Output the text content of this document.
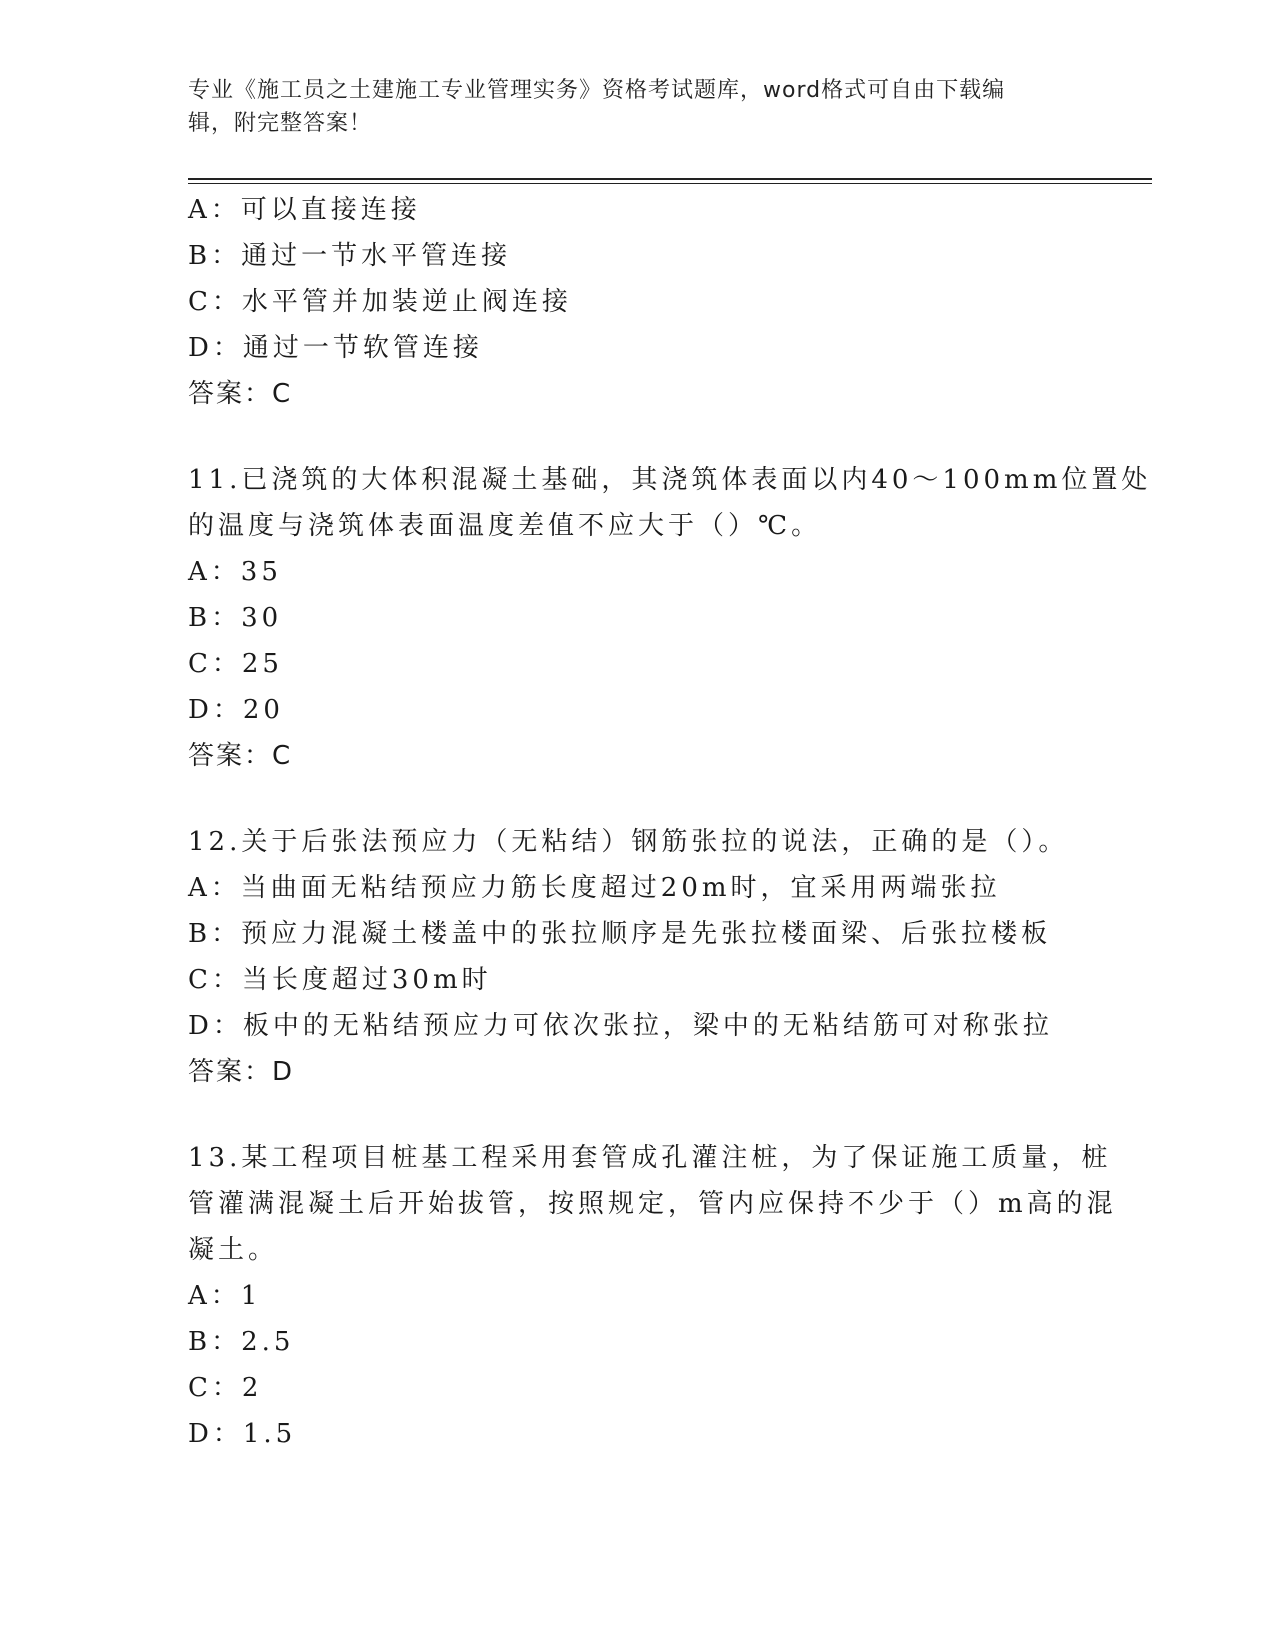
专业《施工员之土建施工专业管理实务》资格考试题库，word格式可自由下载编
辑，附完整答案！
A：可以直接连接
B：通过一节水平管连接
C：水平管并加装逆止阀连接
D：通过一节软管连接
答案：C
11.已浇筑的大体积混凝土基础，其浇筑体表面以内40～100mm位置处
的温度与浇筑体表面温度差值不应大于（）℃。
A：35
B：30
C：25
D：20
答案：C
12.关于后张法预应力（无粘结）钢筋张拉的说法，正确的是（）。
A：当曲面无粘结预应力筋长度超过20m时，宜采用两端张拉
B：预应力混凝土楼盖中的张拉顺序是先张拉楼面梁、后张拉楼板
C：当长度超过30m时
D：板中的无粘结预应力可依次张拉，梁中的无粘结筋可对称张拉
答案：D
13.某工程项目桩基工程采用套管成孔灌注桩，为了保证施工质量，桩
管灌满混凝土后开始拔管，按照规定，管内应保持不少于（）m高的混
凝土。
A：1
B：2.5
C：2
D：1.5
